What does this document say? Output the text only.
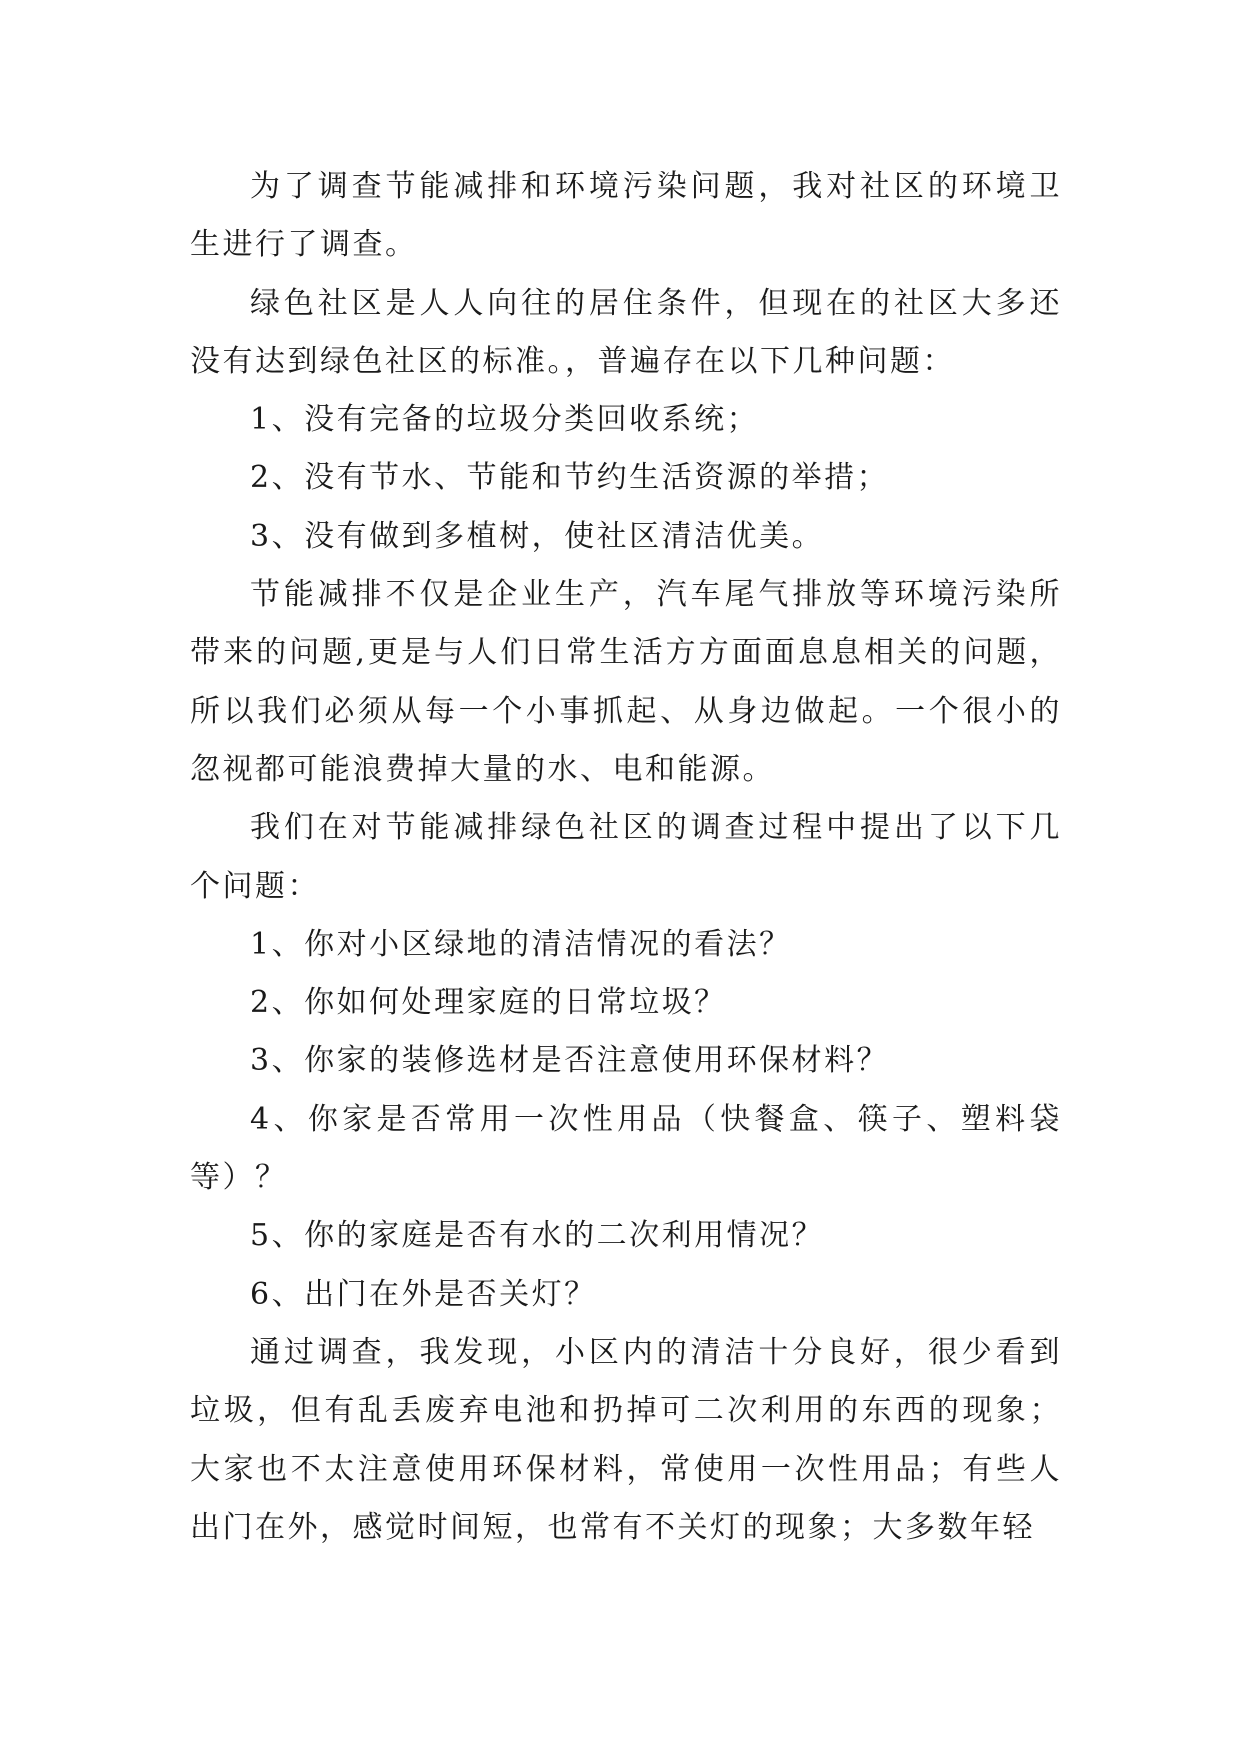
为了调查节能减排和环境污染问题，我对社区的环境卫生进行了调查。

绿色社区是人人向往的居住条件，但现在的社区大多还没有达到绿色社区的标准。，普遍存在以下几种问题：

1、没有完备的垃圾分类回收系统；

2、没有节水、节能和节约生活资源的举措；

3、没有做到多植树，使社区清洁优美。

节能减排不仅是企业生产，汽车尾气排放等环境污染所带来的问题,更是与人们日常生活方方面面息息相关的问题，所以我们必须从每一个小事抓起、从身边做起。一个很小的忽视都可能浪费掉大量的水、电和能源。

我们在对节能减排绿色社区的调查过程中提出了以下几个问题：

1、你对小区绿地的清洁情况的看法？

2、你如何处理家庭的日常垃圾？

3、你家的装修选材是否注意使用环保材料？

4、你家是否常用一次性用品（快餐盒、筷子、塑料袋等）？

5、你的家庭是否有水的二次利用情况？

6、出门在外是否关灯？

通过调查，我发现，小区内的清洁十分良好，很少看到垃圾，但有乱丢废弃电池和扔掉可二次利用的东西的现象；大家也不太注意使用环保材料，常使用一次性用品；有些人出门在外，感觉时间短，也常有不关灯的现象；大多数年轻
